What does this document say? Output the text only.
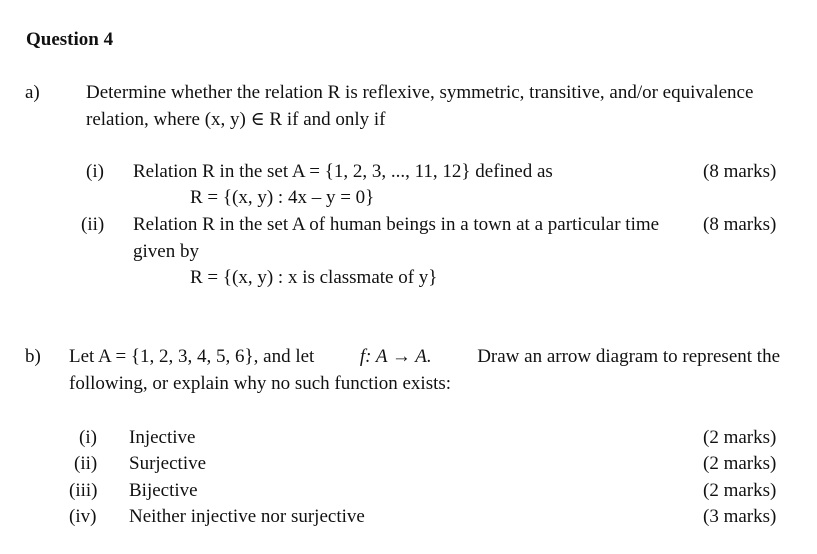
Question 4
a) Determine whether the relation R is reflexive, symmetric, transitive, and/or equivalence
relation, where (x, y) ∈ R if and only if
(i) Relation R in the set A = {1, 2, 3, ..., 11, 12} defined as	(8 marks)
R = {(x, y) : 4x – y = 0}
(ii) Relation R in the set A of human beings in a town at a particular time (8 marks)
given by
R = {(x, y) : x is classmate of y}
b) Let A = {1, 2, 3, 4, 5, 6}, and let f: A → A. Draw an arrow diagram to represent the
following, or explain why no such function exists:
(i) Injective	(2 marks)
(ii) Surjective	(2 marks)
(iii) Bijective	(2 marks)
(iv) Neither injective nor surjective	(3 marks)
